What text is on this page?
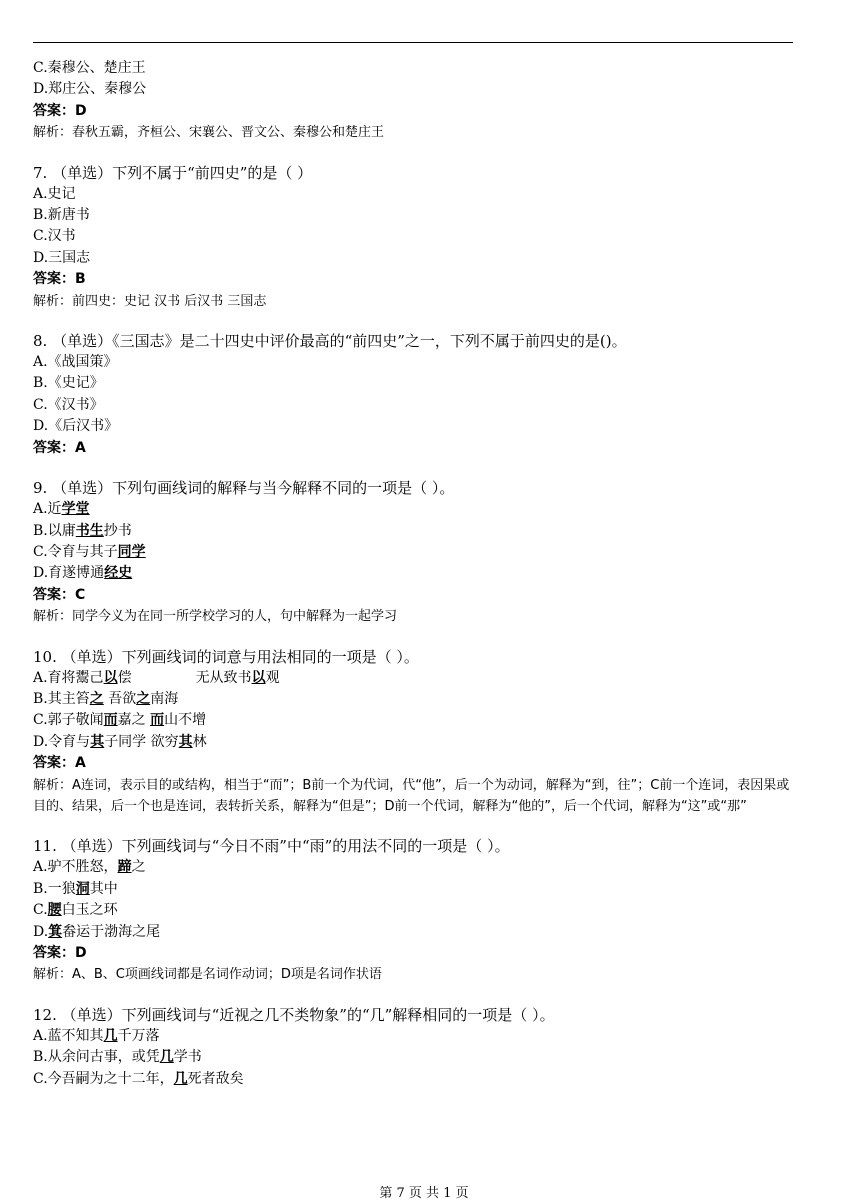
C.秦穆公、楚庄王
D.郑庄公、秦穆公
答案：D
解析：春秋五霸，齐桓公、宋襄公、晋文公、秦穆公和楚庄王
7. （单选）下列不属于“前四史”的是（ ）
A.史记
B.新唐书
C.汉书
D.三国志
答案：B
解析：前四史：史记 汉书 后汉书 三国志
8. （单选）《三国志》是二十四史中评价最高的“前四史”之一，下列不属于前四史的是()。
A.《战国策》
B.《史记》
C.《汉书》
D.《后汉书》
答案：A
9. （单选）下列句画线词的解释与当今解释不同的一项是（ ）。
A.近学堂
B.以庸书生抄书
C.令育与其子同学
D.育遂博通经史
答案：C
解析：同学今义为在同一所学校学习的人，句中解释为一起学习
10. （单选）下列画线词的词意与用法相同的一项是（ ）。
A.育将鬻己以偿	无从致书以观
B.其主笞之 吾欲之南海
C.郭子敬闻而嘉之 而山不增
D.令育与其子同学 欲穷其林
答案：A
解析：A连词，表示目的或结构，相当于“而”；B前一个为代词，代“他”，后一个为动词，解释为“到，往”；C前一个连词，表因果或目的、结果，后一个也是连词，表转折关系，解释为“但是”；D前一个代词，解释为“他的”，后一个代词，解释为“这”或“那”
11. （单选）下列画线词与“今日不雨”中“雨”的用法不同的一项是（ ）。
A.驴不胜怒，蹄之
B.一狼洞其中
C.腰白玉之环
D.箕畚运于渤海之尾
答案：D
解析：A、B、C项画线词都是名词作动词；D项是名词作状语
12. （单选）下列画线词与“近视之几不类物象”的“几”解释相同的一项是（ ）。
A.蓝不知其几千万落
B.从余问古事，或凭几学书
C.今吾嗣为之十二年，几死者敌矣
第 7 页 共 1 页
